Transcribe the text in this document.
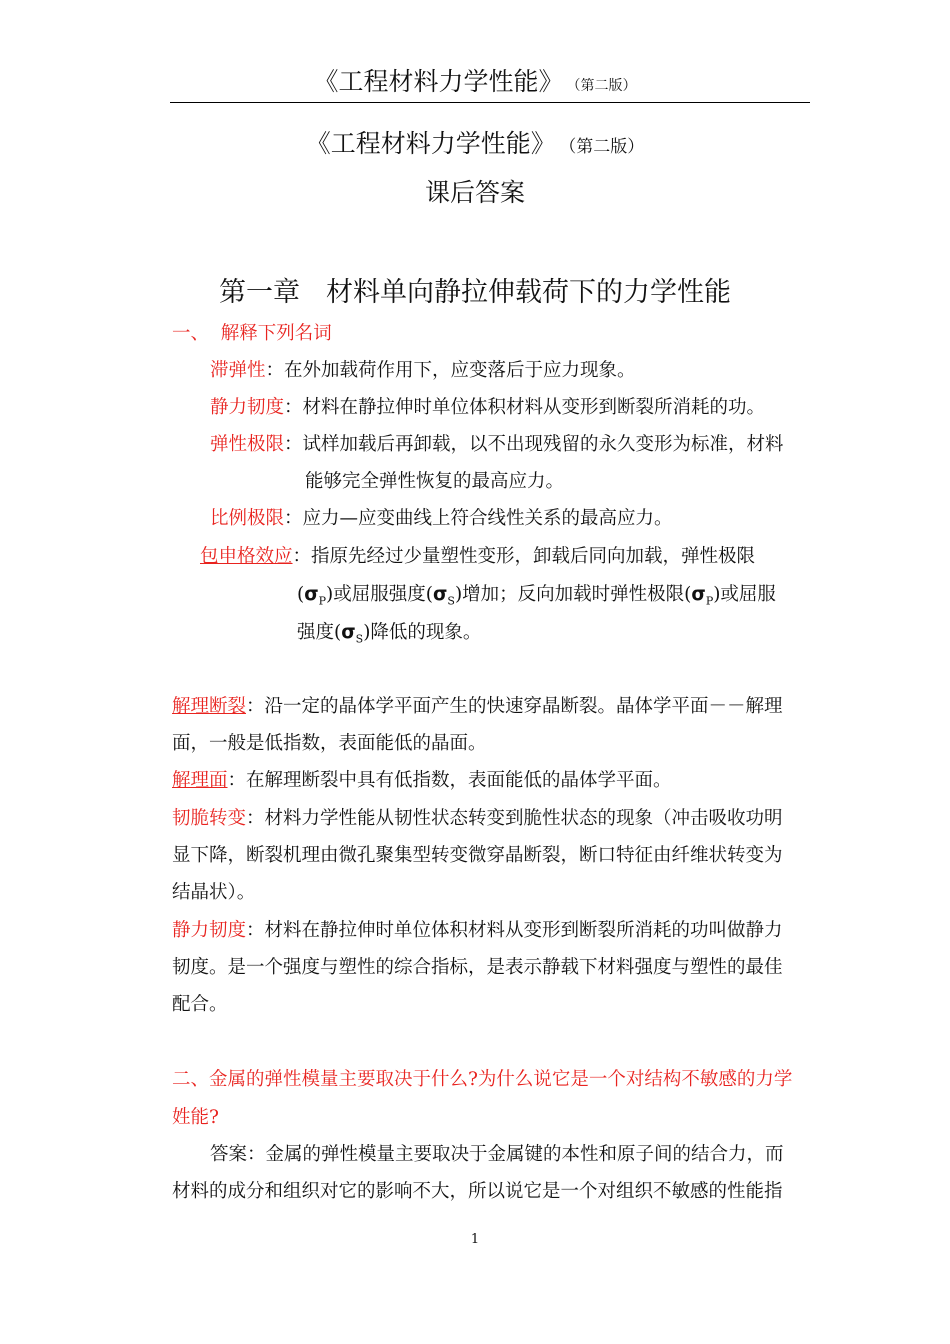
《工程材料力学性能》 （第二版）
《工程材料力学性能》 （第二版）
课后答案
第一章 材料单向静拉伸载荷下的力学性能
一、  解释下列名词
滞弹性：在外加载荷作用下，应变落后于应力现象。
静力韧度：材料在静拉伸时单位体积材料从变形到断裂所消耗的功。
弹性极限：试样加载后再卸载，以不出现残留的永久变形为标准，材料
能够完全弹性恢复的最高应力。
比例极限：应力—应变曲线上符合线性关系的最高应力。
包申格效应：指原先经过少量塑性变形，卸载后同向加载，弹性极限
$(\sigma_P)$或屈服强度$(\sigma_S)$增加；反向加载时弹性极限$(\sigma_P)$或屈服
强度$(\sigma_S)$降低的现象。
解理断裂：沿一定的晶体学平面产生的快速穿晶断裂。晶体学平面－－解理
面，一般是低指数，表面能低的晶面。
解理面：在解理断裂中具有低指数，表面能低的晶体学平面。
韧脆转变：材料力学性能从韧性状态转变到脆性状态的现象（冲击吸收功明
显下降，断裂机理由微孔聚集型转变微穿晶断裂，断口特征由纤维状转变为
结晶状）。
静力韧度：材料在静拉伸时单位体积材料从变形到断裂所消耗的功叫做静力
韧度。是一个强度与塑性的综合指标，是表示静载下材料强度与塑性的最佳
配合。
二、金属的弹性模量主要取决于什么?为什么说它是一个对结构不敏感的力学
姓能?
答案：金属的弹性模量主要取决于金属键的本性和原子间的结合力，而
材料的成分和组织对它的影响不大，所以说它是一个对组织不敏感的性能指
1
